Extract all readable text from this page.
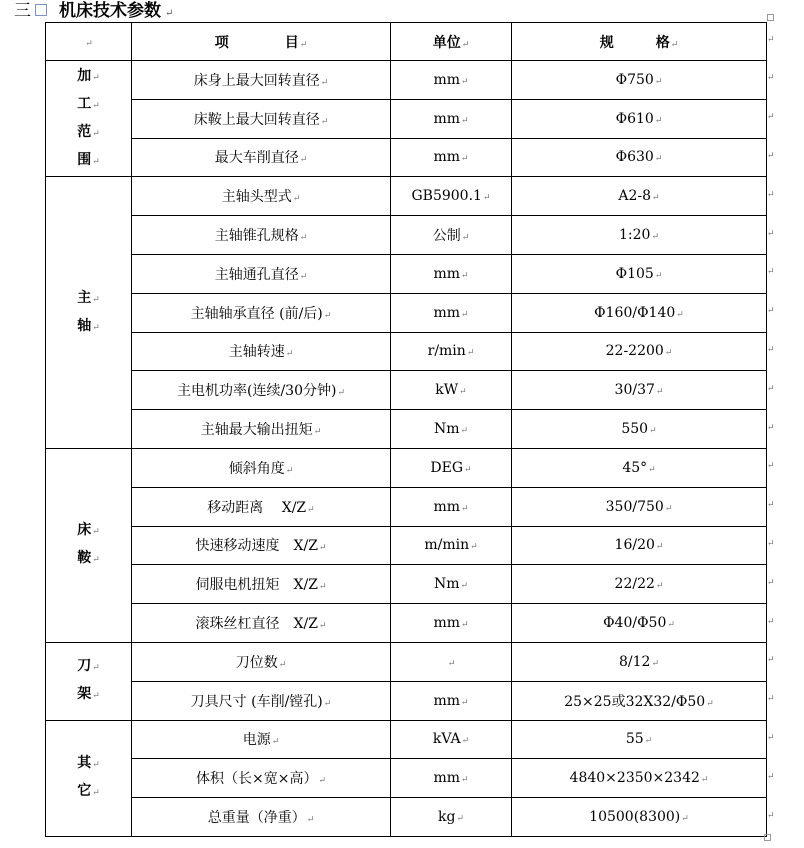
三 机床技术参数 ↵
↵	项　　　　目↵	单位↵	规　　　格↵
加↵
工↵
范↵
围↵	床身上最大回转直径↵	mm↵	Φ750↵
	床鞍上最大回转直径↵	mm↵	Φ610↵
	最大车削直径↵	mm↵	Φ630↵
主↵
轴↵	主轴头型式↵	GB5900.1↵	A2-8↵
	主轴锥孔规格↵	公制↵	1:20↵
	主轴通孔直径↵	mm↵	Φ105↵
	主轴轴承直径 (前/后)↵	mm↵	Φ160/Φ140↵
	主轴转速↵	r/min↵	22-2200↵
	主电机功率(连续/30分钟)↵	kW↵	30/37↵
	主轴最大输出扭矩↵	Nm↵	550↵
床↵
鞍↵	倾斜角度↵	DEG↵	45°↵
	移动距离　 X/Z↵	mm↵	350/750↵
	快速移动速度　X/Z↵	m/min↵	16/20↵
	伺服电机扭矩　X/Z↵	Nm↵	22/22↵
	滚珠丝杠直径　X/Z↵	mm↵	Φ40/Φ50↵
刀↵
架↵	刀位数↵	↵	8/12↵
	刀具尺寸 (车削/镗孔)↵	mm↵	25×25或32X32/Φ50↵
其↵
它↵	电源↵	kVA↵	55↵
	体积（长×宽×高）↵	mm↵	4840×2350×2342↵
	总重量（净重）↵	kg↵	10500(8300)↵
↵
↵
↵
↵
↵
↵
↵
↵
↵
↵
↵
↵
↵
↵
↵
↵
↵
↵
↵
↵
↵
